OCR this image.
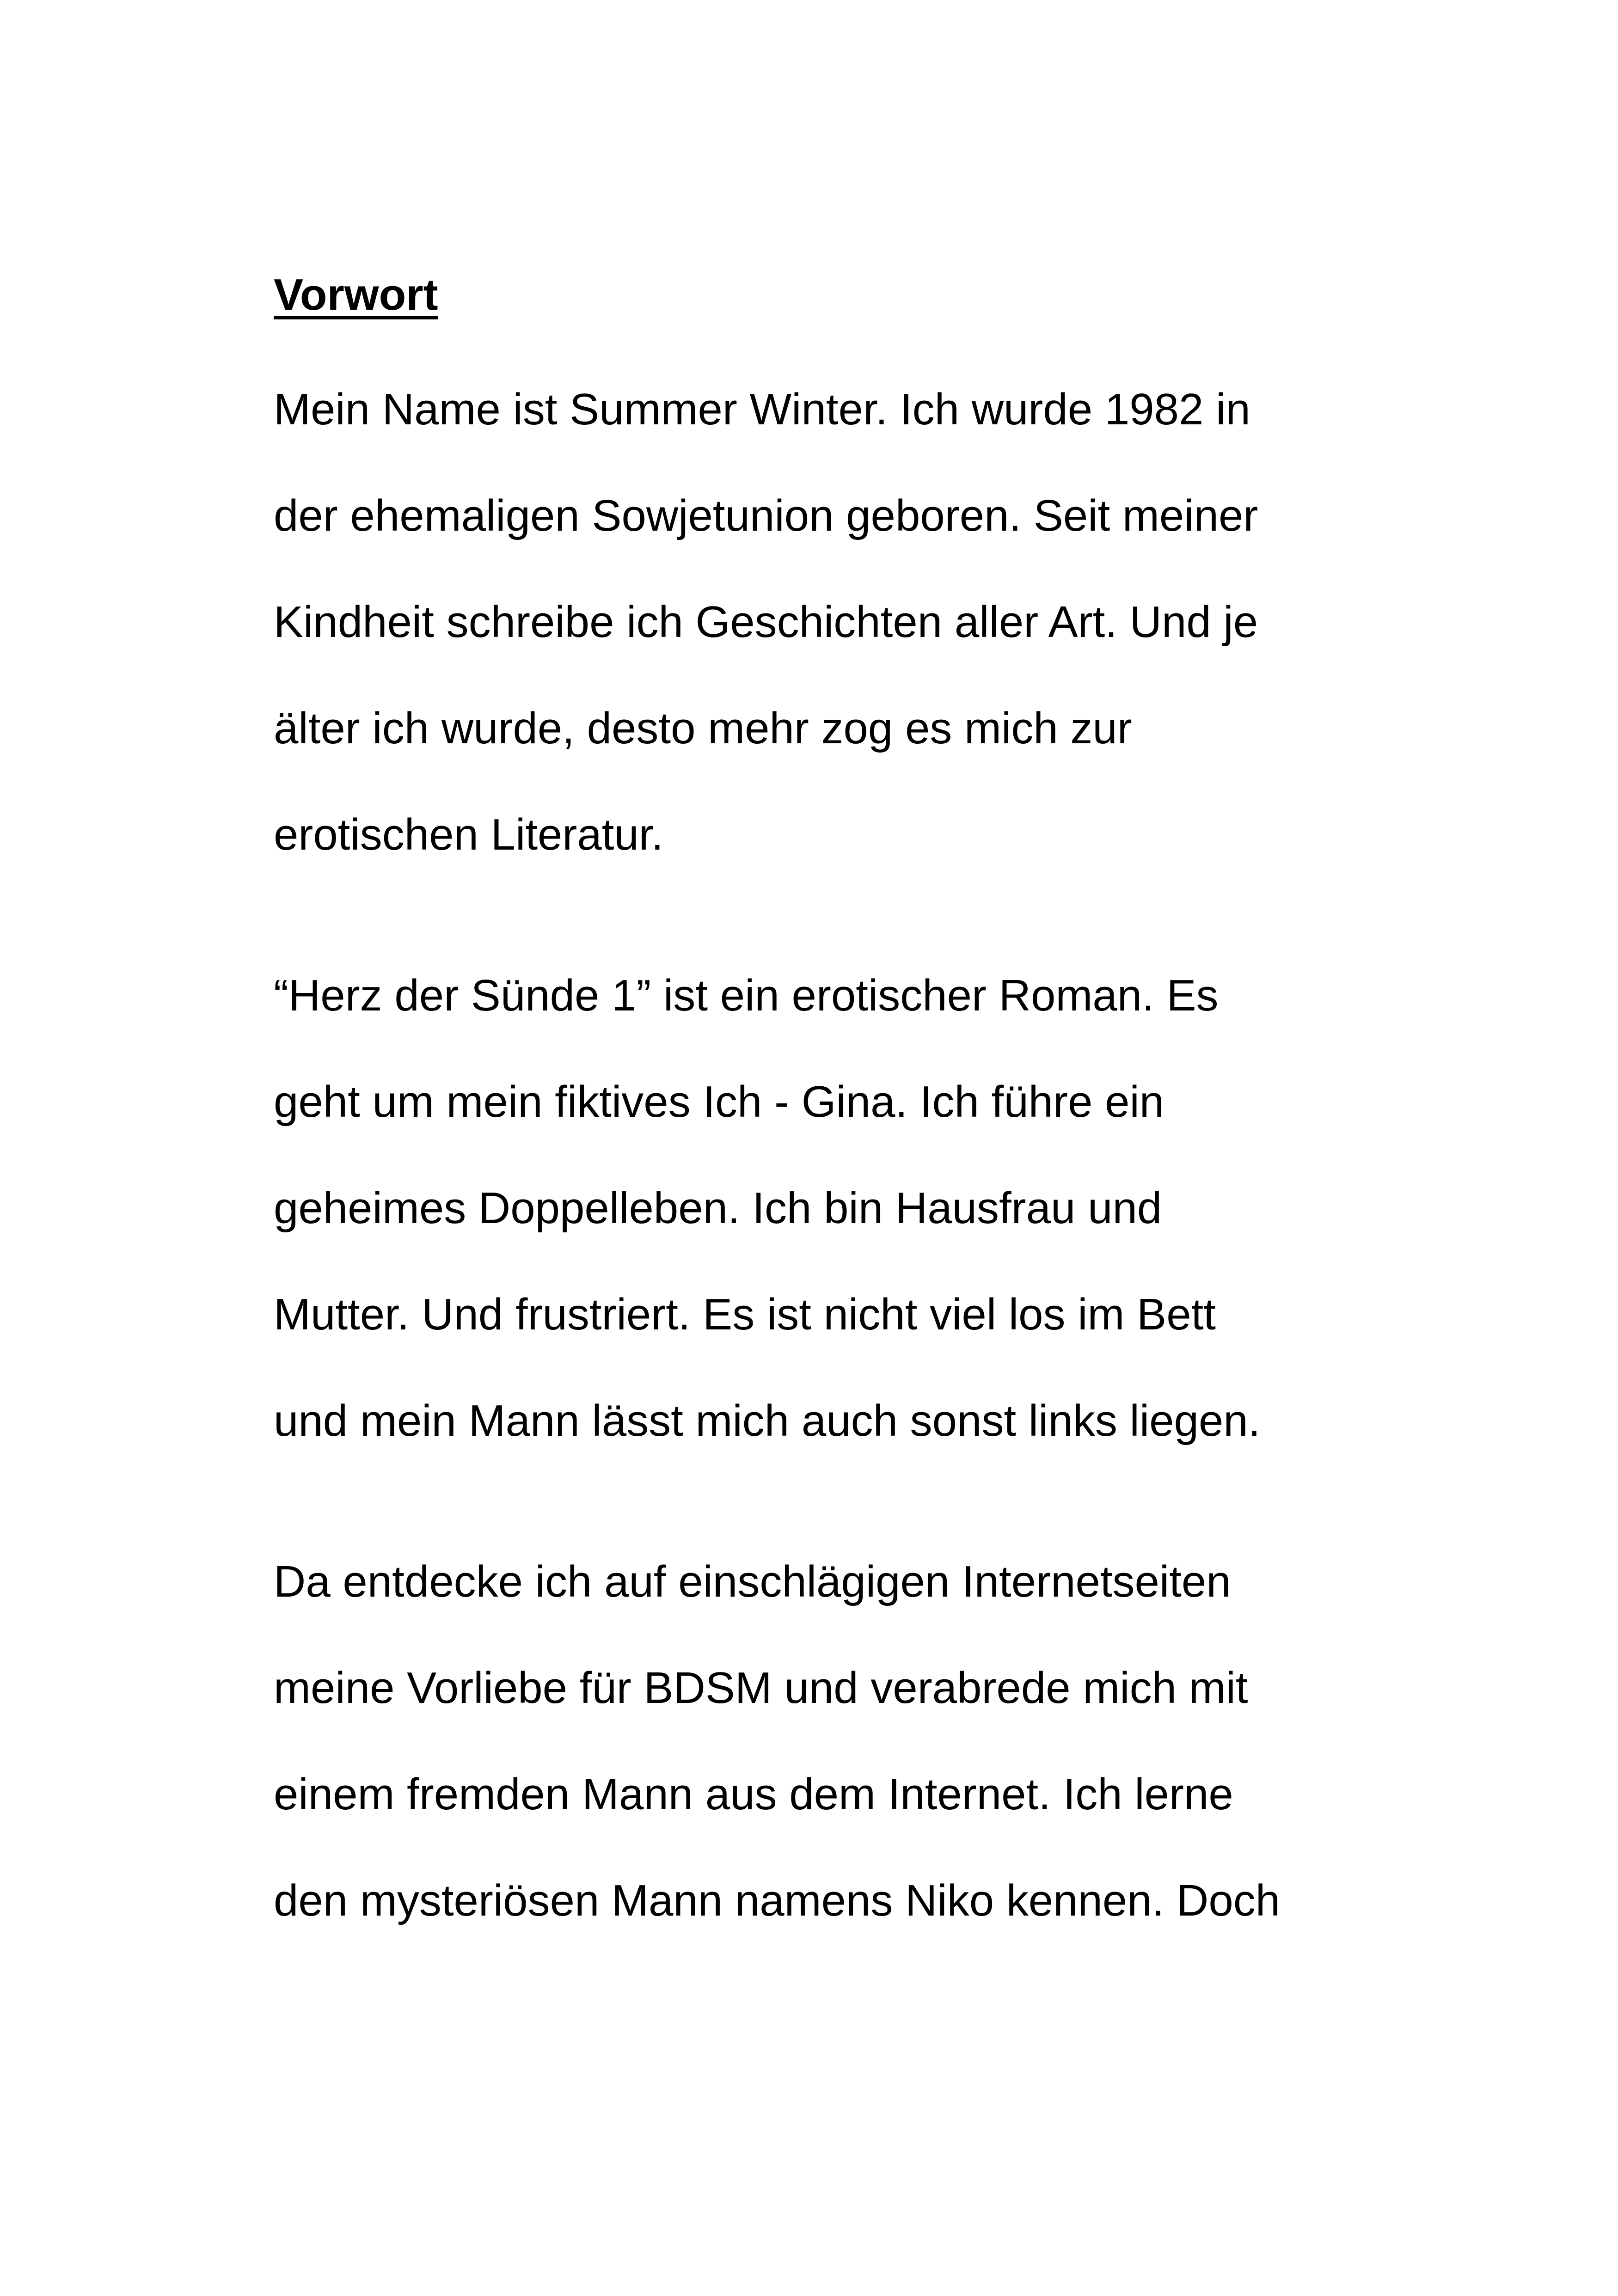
Vorwort
Mein Name ist Summer Winter. Ich wurde 1982 in
der ehemaligen Sowjetunion geboren. Seit meiner
Kindheit schreibe ich Geschichten aller Art. Und je
älter ich wurde, desto mehr zog es mich zur
erotischen Literatur.
“Herz der Sünde 1” ist ein erotischer Roman. Es
geht um mein fiktives Ich - Gina. Ich führe ein
geheimes Doppelleben. Ich bin Hausfrau und
Mutter. Und frustriert. Es ist nicht viel los im Bett
und mein Mann lässt mich auch sonst links liegen.
Da entdecke ich auf einschlägigen Internetseiten
meine Vorliebe für BDSM und verabrede mich mit
einem fremden Mann aus dem Internet. Ich lerne
den mysteriösen Mann namens Niko kennen. Doch
